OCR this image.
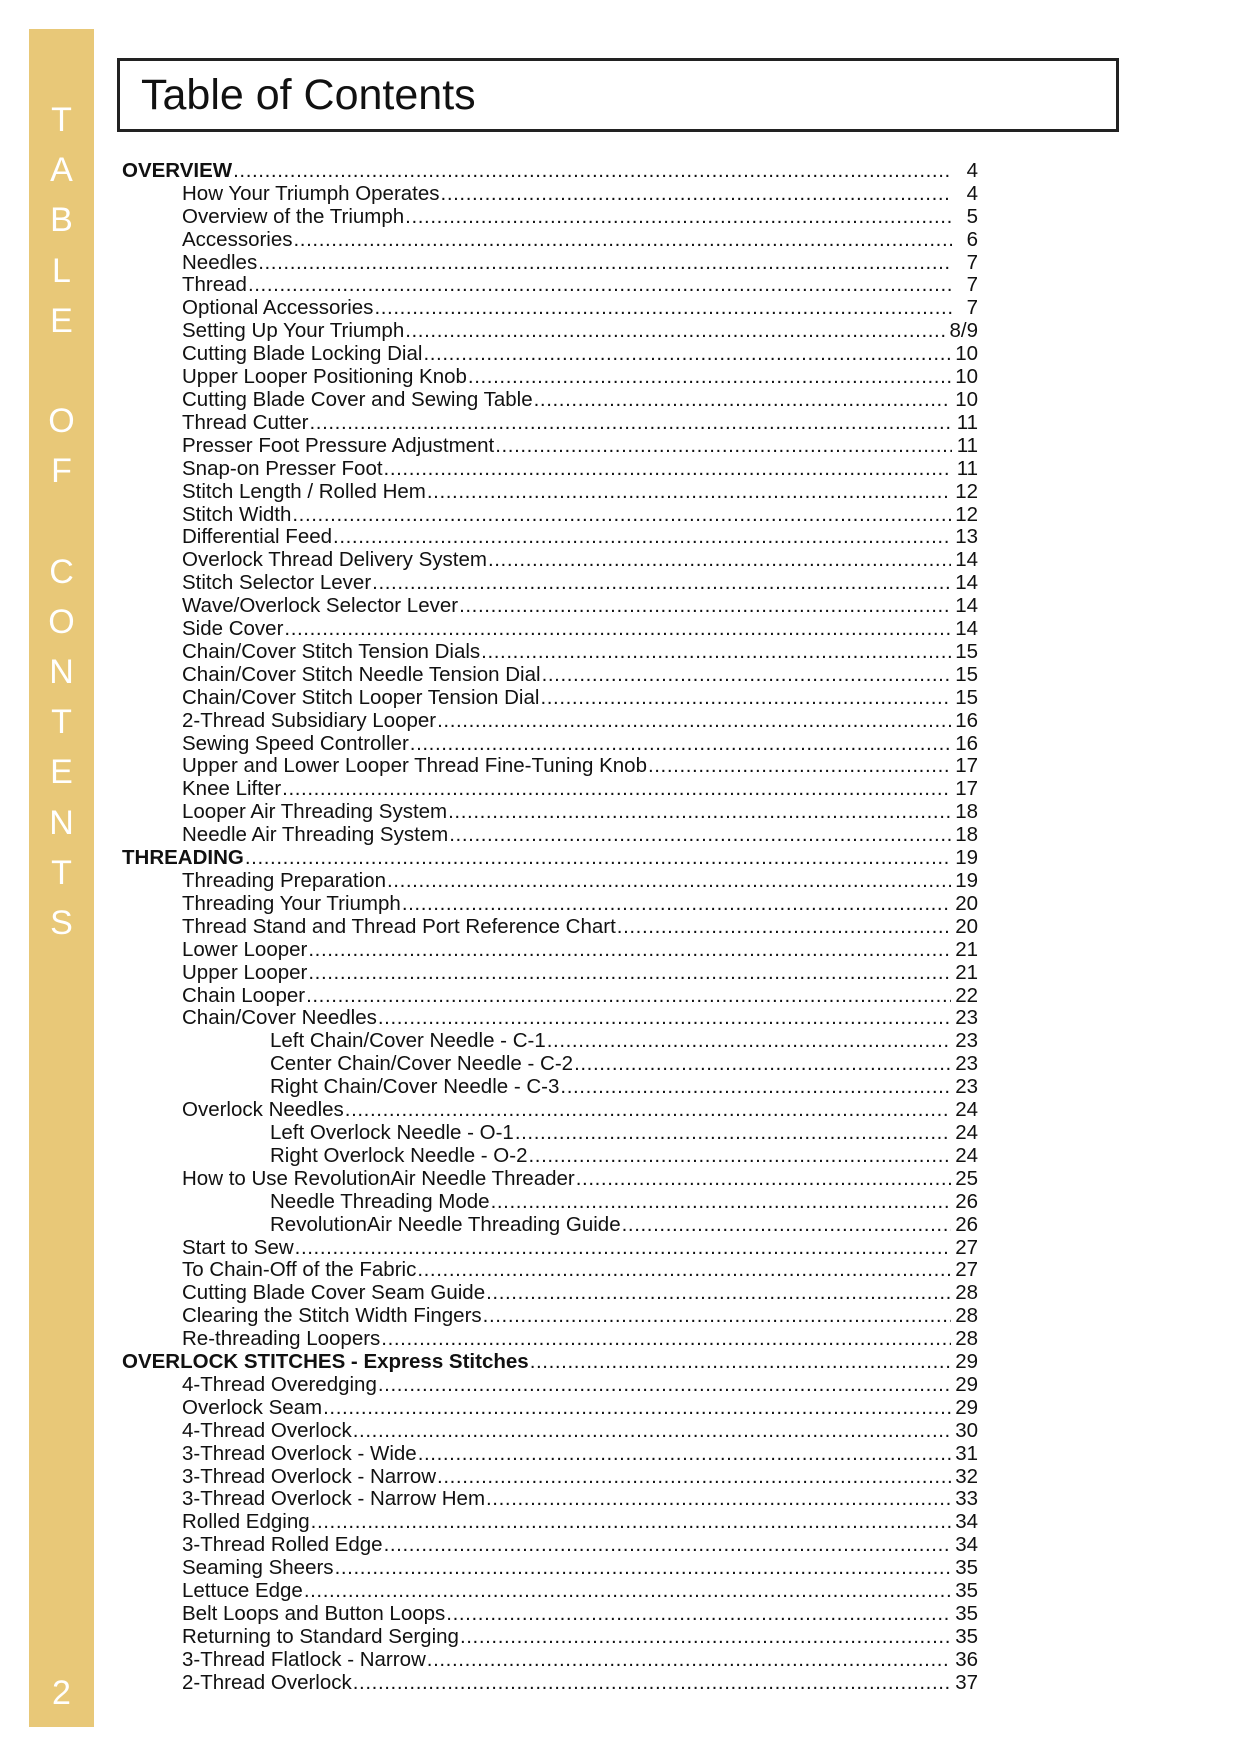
T
A
B
L
E
O
F
C
O
N
T
E
N
T
S
2
Table of Contents
OVERVIEW .....	4
How Your Triumph Operates .....	4
Overview of the Triumph .....	5
Accessories .....	6
Needles .....	7
Thread .....	7
Optional Accessories .....	7
Setting Up Your Triumph .....	8/9
Cutting Blade Locking Dial .....	10
Upper Looper Positioning Knob .....	10
Cutting Blade Cover and Sewing Table .....	10
Thread Cutter .....	11
Presser Foot Pressure Adjustment .....	11
Snap-on Presser Foot .....	11
Stitch Length / Rolled Hem .....	12
Stitch Width .....	12
Differential Feed .....	13
Overlock Thread Delivery System .....	14
Stitch Selector Lever .....	14
Wave/Overlock Selector Lever .....	14
Side Cover .....	14
Chain/Cover Stitch Tension Dials .....	15
Chain/Cover Stitch Needle Tension Dial .....	15
Chain/Cover Stitch Looper Tension Dial .....	15
2-Thread Subsidiary Looper .....	16
Sewing Speed Controller .....	16
Upper and Lower Looper Thread Fine-Tuning Knob .....	17
Knee Lifter .....	17
Looper Air Threading System .....	18
Needle Air Threading System .....	18
THREADING .....	19
Threading Preparation .....	19
Threading Your Triumph .....	20
Thread Stand and Thread Port Reference Chart .....	20
Lower Looper .....	21
Upper Looper .....	21
Chain Looper .....	22
Chain/Cover Needles .....	23
Left Chain/Cover Needle - C-1 .....	23
Center Chain/Cover Needle - C-2 .....	23
Right Chain/Cover Needle - C-3 .....	23
Overlock Needles .....	24
Left Overlock Needle - O-1 .....	24
Right Overlock Needle - O-2 .....	24
How to Use RevolutionAir Needle Threader .....	25
Needle Threading Mode .....	26
RevolutionAir Needle Threading Guide .....	26
Start to Sew .....	27
To Chain-Off of the Fabric .....	27
Cutting Blade Cover Seam Guide .....	28
Clearing the Stitch Width Fingers .....	28
Re-threading Loopers .....	28
OVERLOCK STITCHES - Express Stitches .....	29
4-Thread Overedging .....	29
Overlock Seam .....	29
4-Thread Overlock .....	30
3-Thread Overlock - Wide .....	31
3-Thread Overlock - Narrow .....	32
3-Thread Overlock - Narrow Hem .....	33
Rolled Edging .....	34
3-Thread Rolled Edge .....	34
Seaming Sheers .....	35
Lettuce Edge .....	35
Belt Loops and Button Loops .....	35
Returning to Standard Serging .....	35
3-Thread Flatlock - Narrow .....	36
2-Thread Overlock .....	37
